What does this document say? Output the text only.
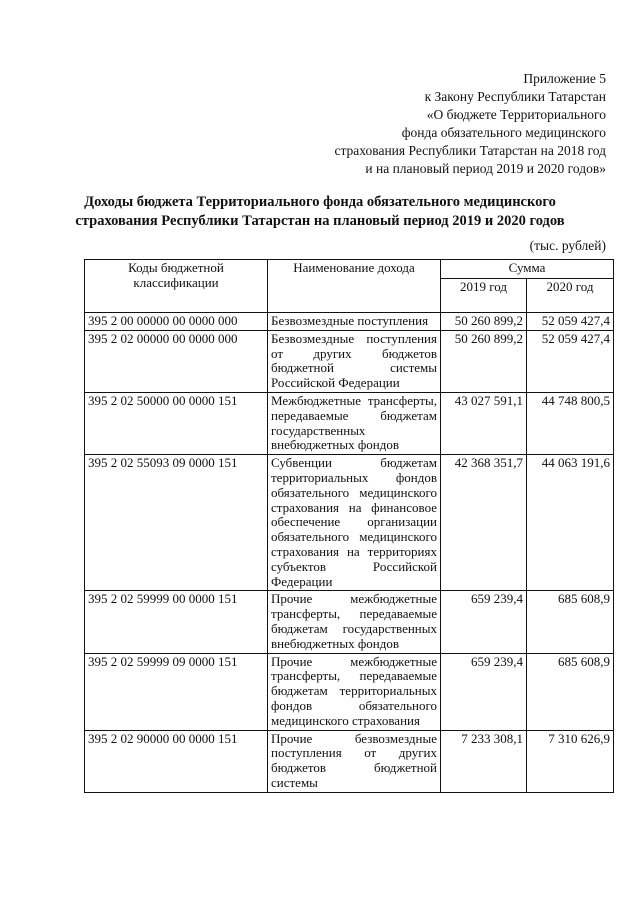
Приложение 5
к Закону Республики Татарстан
«О бюджете Территориального
фонда обязательного медицинского
страхования Республики Татарстан на 2018 год
и на плановый период 2019 и 2020 годов»
Доходы бюджета Территориального фонда обязательного медицинского
страхования Республики Татарстан на плановый период 2019 и 2020 годов
(тыс. рублей)
Коды бюджетной классификации	Наименование дохода	Сумма	
		2019 год	2020 год
395 2 00 00000 00 0000 000	Безвозмездные поступления	50 260 899,2	52 059 427,4
395 2 02 00000 00 0000 000	Безвозмездные поступления от других бюджетов бюджетной системы Российской Федерации	50 260 899,2	52 059 427,4
395 2 02 50000 00 0000 151	Межбюджетные трансферты, передаваемые бюджетам государственных внебюджетных фондов	43 027 591,1	44 748 800,5
395 2 02 55093 09 0000 151	Субвенции бюджетам территориальных фондов обязательного медицинского страхования на финансовое обеспечение организации обязательного медицинского страхования на территориях субъектов Российской Федерации	42 368 351,7	44 063 191,6
395 2 02 59999 00 0000 151	Прочие межбюджетные трансферты, передаваемые бюджетам государственных внебюджетных фондов	659 239,4	685 608,9
395 2 02 59999 09 0000 151	Прочие межбюджетные трансферты, передаваемые бюджетам территориальных фондов обязательного медицинского страхования	659 239,4	685 608,9
395 2 02 90000 00 0000 151	Прочие безвозмездные поступления от других бюджетов бюджетной системы	7 233 308,1	7 310 626,9
